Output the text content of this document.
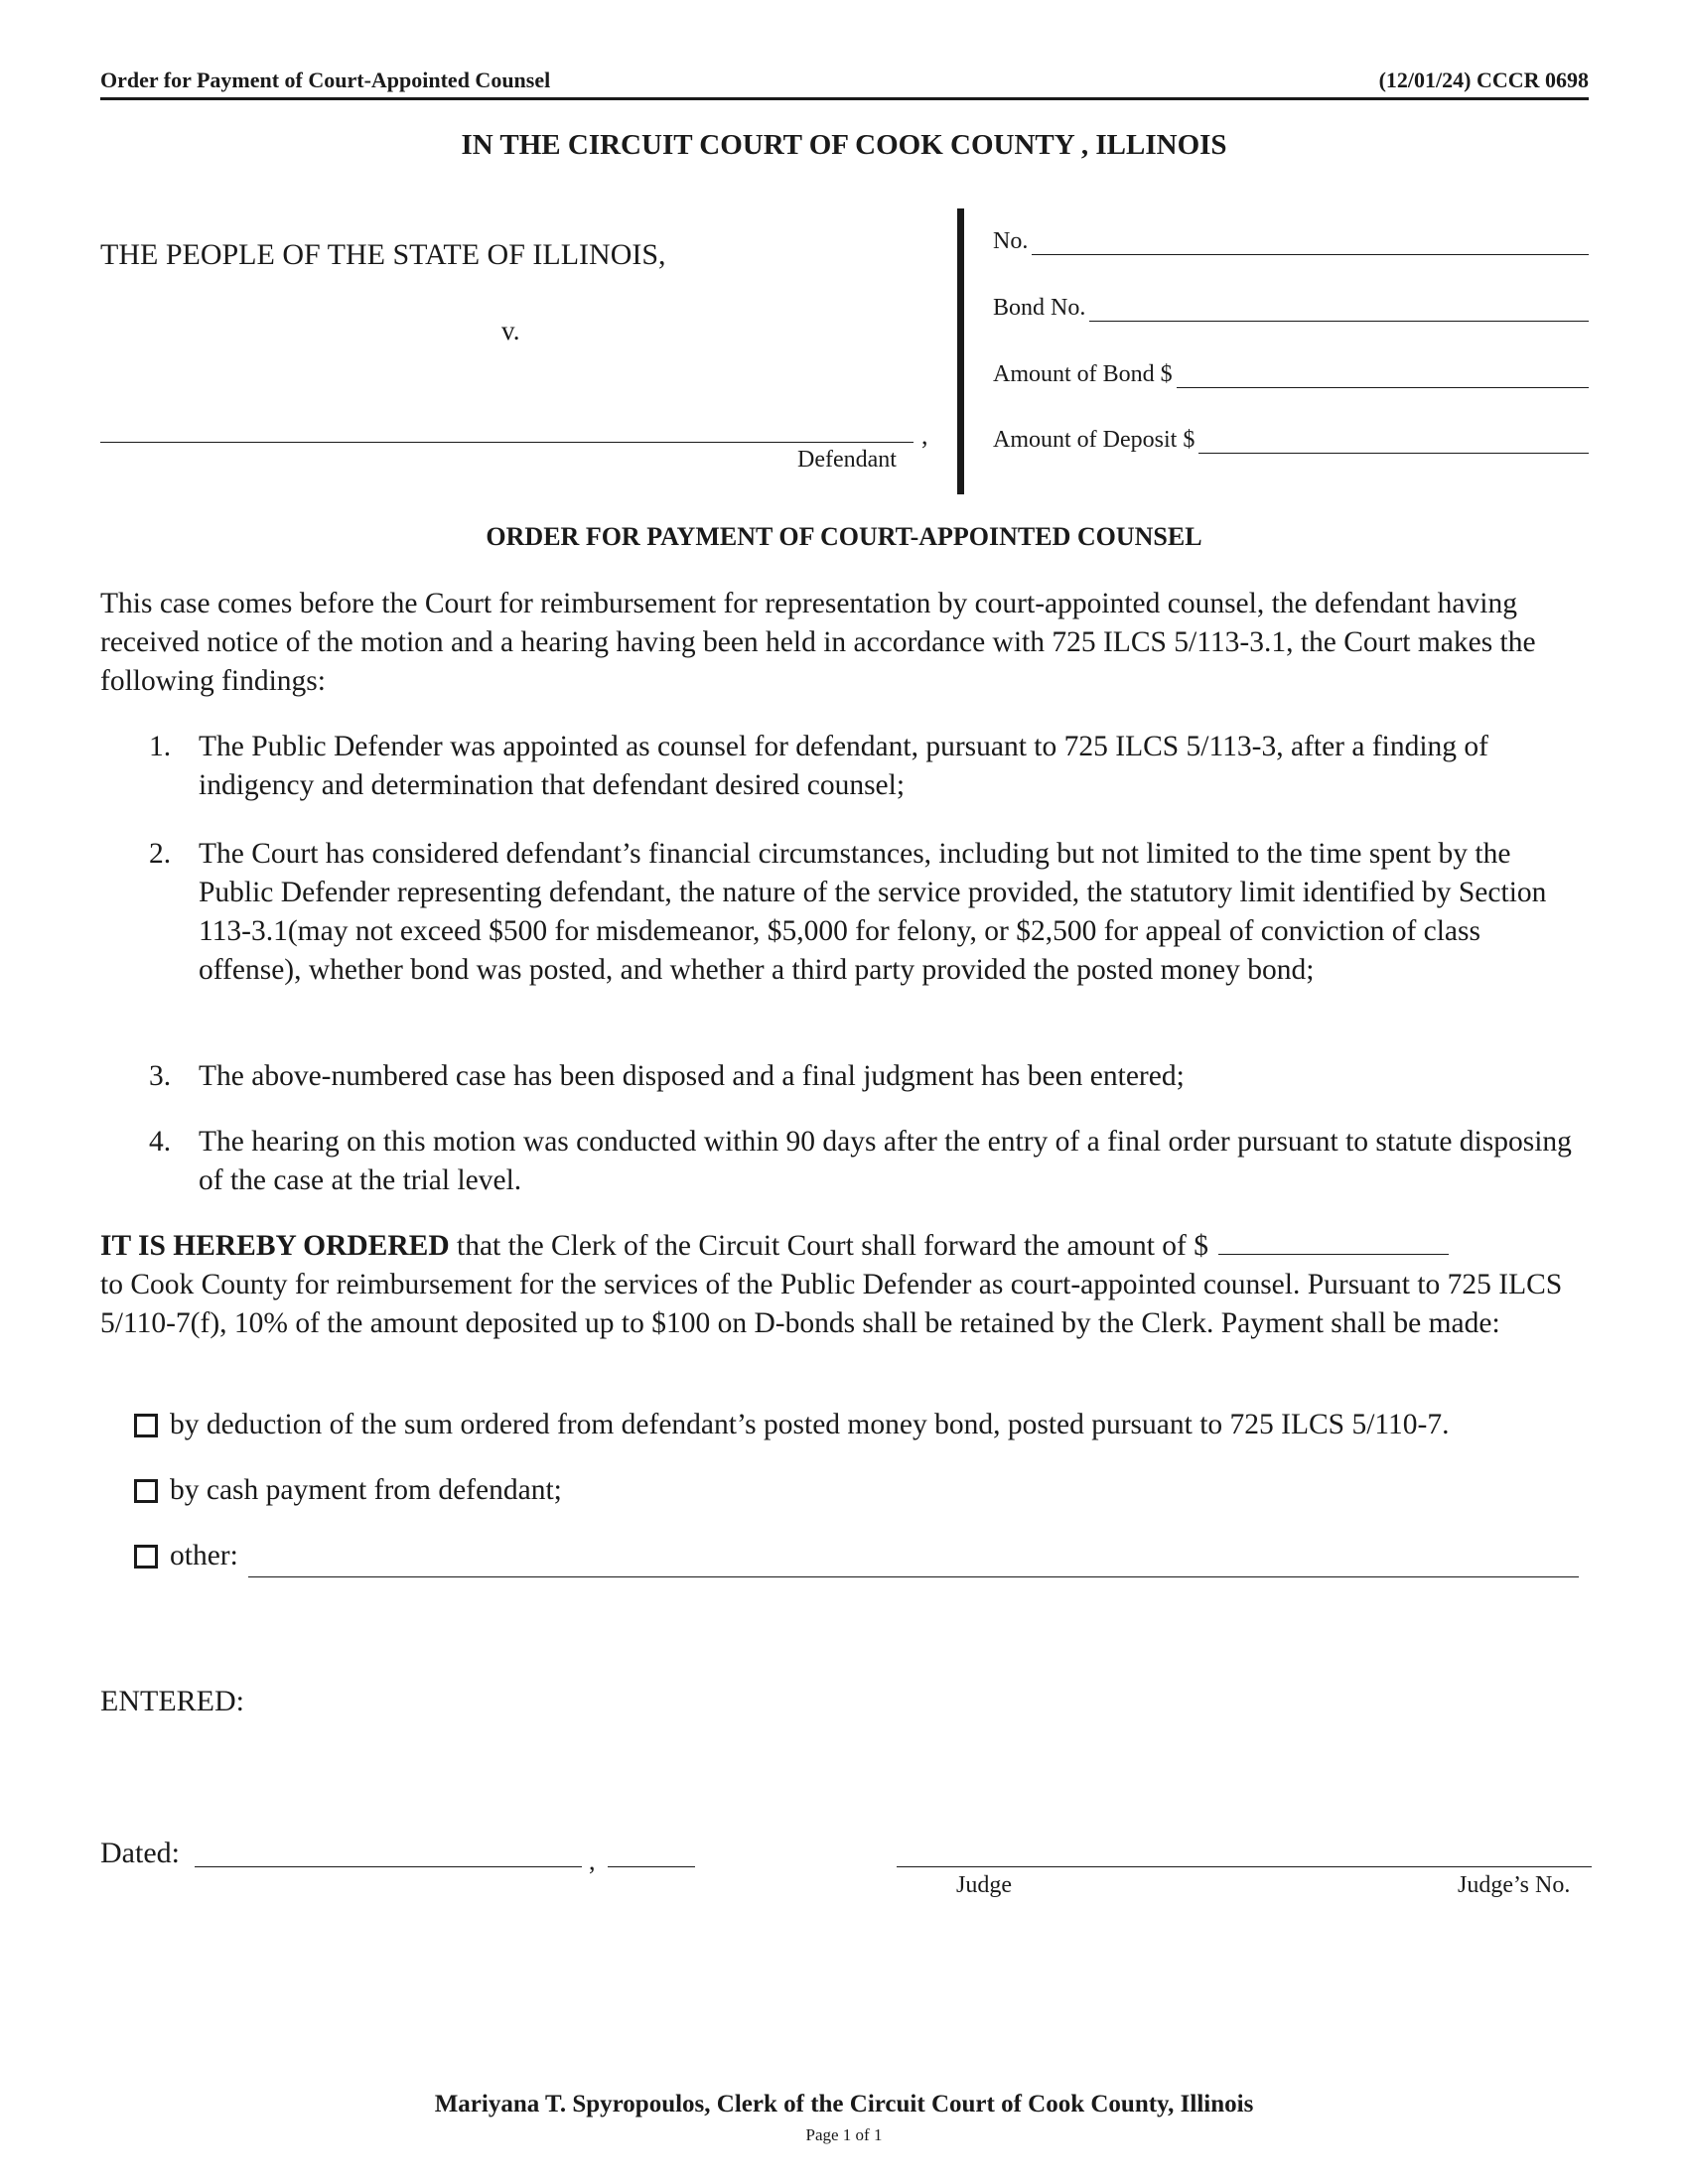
Order for Payment of Court-Appointed Counsel	(12/01/24) CCCR 0698
IN THE CIRCUIT COURT OF COOK COUNTY , ILLINOIS
THE PEOPLE OF THE STATE OF ILLINOIS,
v.
,
Defendant
No.
Bond No.
Amount of Bond $
Amount of Deposit $
ORDER FOR PAYMENT OF COURT-APPOINTED COUNSEL
This case comes before the Court for reimbursement for representation by court-appointed counsel, the defendant having received notice of the motion and a hearing having been held in accordance with 725 ILCS 5/113-3.1, the Court makes the following findings:
1. The Public Defender was appointed as counsel for defendant, pursuant to 725 ILCS 5/113-3, after a finding of indigency and determination that defendant desired counsel;
2. The Court has considered defendant’s financial circumstances, including but not limited to the time spent by the Public Defender representing defendant, the nature of the service provided, the statutory limit identified by Section 113-3.1(may not exceed $500 for misdemeanor, $5,000 for felony, or $2,500 for appeal of conviction of class offense), whether bond was posted, and whether a third party provided the posted money bond;
3. The above-numbered case has been disposed and a final judgment has been entered;
4. The hearing on this motion was conducted within 90 days after the entry of a final order pursuant to statute disposing of the case at the trial level.
IT IS HEREBY ORDERED that the Clerk of the Circuit Court shall forward the amount of $
to Cook County for reimbursement for the services of the Public Defender as court-appointed counsel. Pursuant to 725 ILCS 5/110-7(f), 10% of the amount deposited up to $100 on D-bonds shall be retained by the Clerk. Payment shall be made:
by deduction of the sum ordered from defendant’s posted money bond, posted pursuant to 725 ILCS 5/110-7.
by cash payment from defendant;
other:
ENTERED:
Dated:	,
Judge	Judge’s No.
Mariyana T. Spyropoulos, Clerk of the Circuit Court of Cook County, Illinois
Page 1 of 1
